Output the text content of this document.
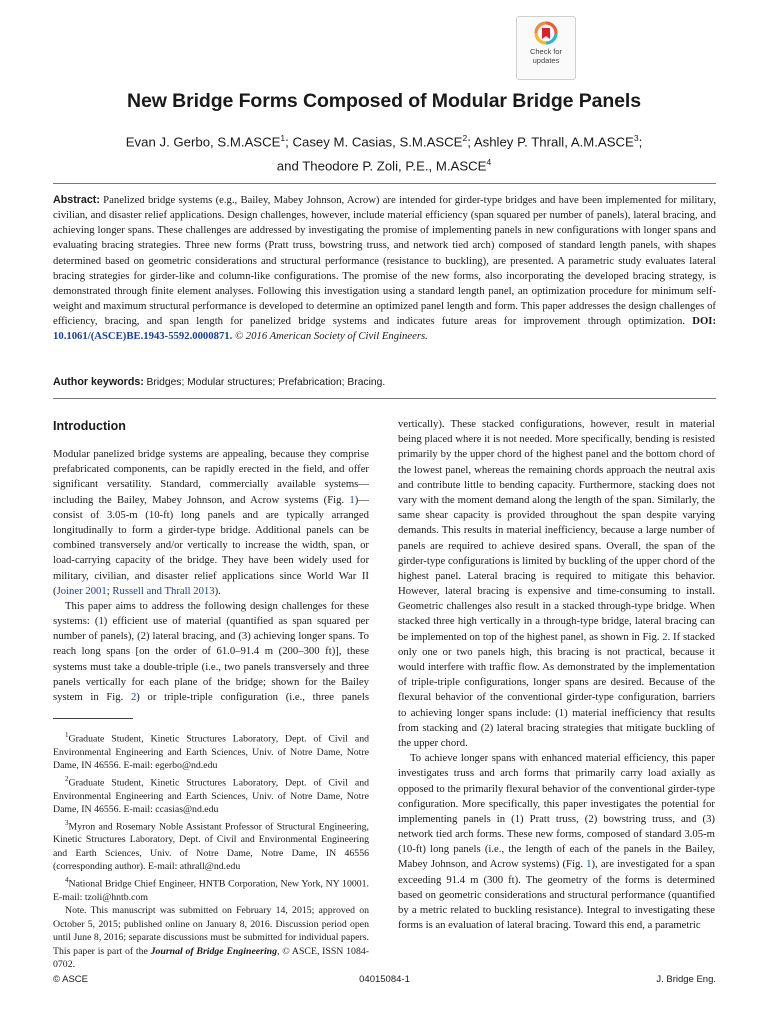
Check for
updates
New Bridge Forms Composed of Modular Bridge Panels
Evan J. Gerbo, S.M.ASCE$^1$; Casey M. Casias, S.M.ASCE$^2$; Ashley P. Thrall, A.M.ASCE$^3$;
and Theodore P. Zoli, P.E., M.ASCE$^4$
Abstract: Panelized bridge systems (e.g., Bailey, Mabey Johnson, Acrow) are intended for girder-type bridges and have been implemented for military, civilian, and disaster relief applications. Design challenges, however, include material efficiency (span squared per number of panels), lateral bracing, and achieving longer spans. These challenges are addressed by investigating the promise of implementing panels in new configurations with longer spans and evaluating bracing strategies. Three new forms (Pratt truss, bowstring truss, and network tied arch) composed of standard length panels, with shapes determined based on geometric considerations and structural performance (resistance to buckling), are presented. A parametric study evaluates lateral bracing strategies for girder-like and column-like configurations. The promise of the new forms, also incorporating the developed bracing strategy, is demonstrated through finite element analyses. Following this investigation using a standard length panel, an optimization procedure for minimum self-weight and maximum structural performance is developed to determine an optimized panel length and form. This paper addresses the design challenges of efficiency, bracing, and span length for panelized bridge systems and indicates future areas for improvement through optimization. DOI: 10.1061/(ASCE)BE.1943-5592.0000871. © 2016 American Society of Civil Engineers.
Author keywords: Bridges; Modular structures; Prefabrication; Bracing.
Introduction

Modular panelized bridge systems are appealing, because they comprise prefabricated components, can be rapidly erected in the field, and offer significant versatility. Standard, commercially available systems—including the Bailey, Mabey Johnson, and Acrow systems (Fig. 1)—consist of 3.05-m (10-ft) long panels and are typically arranged longitudinally to form a girder-type bridge. Additional panels can be combined transversely and/or vertically to increase the width, span, or load-carrying capacity of the bridge. They have been widely used for military, civilian, and disaster relief applications since World War II (Joiner 2001; Russell and Thrall 2013).

This paper aims to address the following design challenges for these systems: (1) efficient use of material (quantified as span squared per number of panels), (2) lateral bracing, and (3) achieving longer spans. To reach long spans [on the order of 61.0–91.4 m (200–300 ft)], these systems must take a double-triple (i.e., two panels transversely and three panels vertically for each plane of the bridge; shown for the Bailey system in Fig. 2) or triple-triple configuration (i.e., three panels

$^1$Graduate Student, Kinetic Structures Laboratory, Dept. of Civil and Environmental Engineering and Earth Sciences, Univ. of Notre Dame, Notre Dame, IN 46556. E-mail: egerbo@nd.edu

$^2$Graduate Student, Kinetic Structures Laboratory, Dept. of Civil and Environmental Engineering and Earth Sciences, Univ. of Notre Dame, Notre Dame, IN 46556. E-mail: ccasias@nd.edu

$^3$Myron and Rosemary Noble Assistant Professor of Structural Engineering, Kinetic Structures Laboratory, Dept. of Civil and Environmental Engineering and Earth Sciences, Univ. of Notre Dame, Notre Dame, IN 46556 (corresponding author). E-mail: athrall@nd.edu

$^4$National Bridge Chief Engineer, HNTB Corporation, New York, NY 10001. E-mail: tzoli@hntb.com

Note. This manuscript was submitted on February 14, 2015; approved on October 5, 2015; published online on January 8, 2016. Discussion period open until June 8, 2016; separate discussions must be submitted for individual papers. This paper is part of the Journal of Bridge Engineering, © ASCE, ISSN 1084-0702.

vertically). These stacked configurations, however, result in material being placed where it is not needed. More specifically, bending is resisted primarily by the upper chord of the highest panel and the bottom chord of the lowest panel, whereas the remaining chords approach the neutral axis and contribute little to bending capacity. Furthermore, stacking does not vary with the moment demand along the length of the span. Similarly, the same shear capacity is provided throughout the span despite varying demands. This results in material inefficiency, because a large number of panels are required to achieve desired spans. Overall, the span of the girder-type configurations is limited by buckling of the upper chord of the highest panel. Lateral bracing is required to mitigate this behavior. However, lateral bracing is expensive and time-consuming to install. Geometric challenges also result in a stacked through-type bridge. When stacked three high vertically in a through-type bridge, lateral bracing can be implemented on top of the highest panel, as shown in Fig. 2. If stacked only one or two panels high, this bracing is not practical, because it would interfere with traffic flow. As demonstrated by the implementation of triple-triple configurations, longer spans are desired. Because of the flexural behavior of the conventional girder-type configuration, barriers to achieving longer spans include: (1) material inefficiency that results from stacking and (2) lateral bracing strategies that mitigate buckling of the upper chord.

To achieve longer spans with enhanced material efficiency, this paper investigates truss and arch forms that primarily carry load axially as opposed to the primarily flexural behavior of the conventional girder-type configuration. More specifically, this paper investigates the potential for implementing panels in (1) Pratt truss, (2) bowstring truss, and (3) network tied arch forms. These new forms, composed of standard 3.05-m (10-ft) long panels (i.e., the length of each of the panels in the Bailey, Mabey Johnson, and Acrow systems) (Fig. 1), are investigated for a span exceeding 91.4 m (300 ft). The geometry of the forms is determined based on geometric considerations and structural performance (quantified by a metric related to buckling resistance). Integral to investigating these forms is an evaluation of lateral bracing. Toward this end, a parametric

© ASCE	04015084-1	J. Bridge Eng.
